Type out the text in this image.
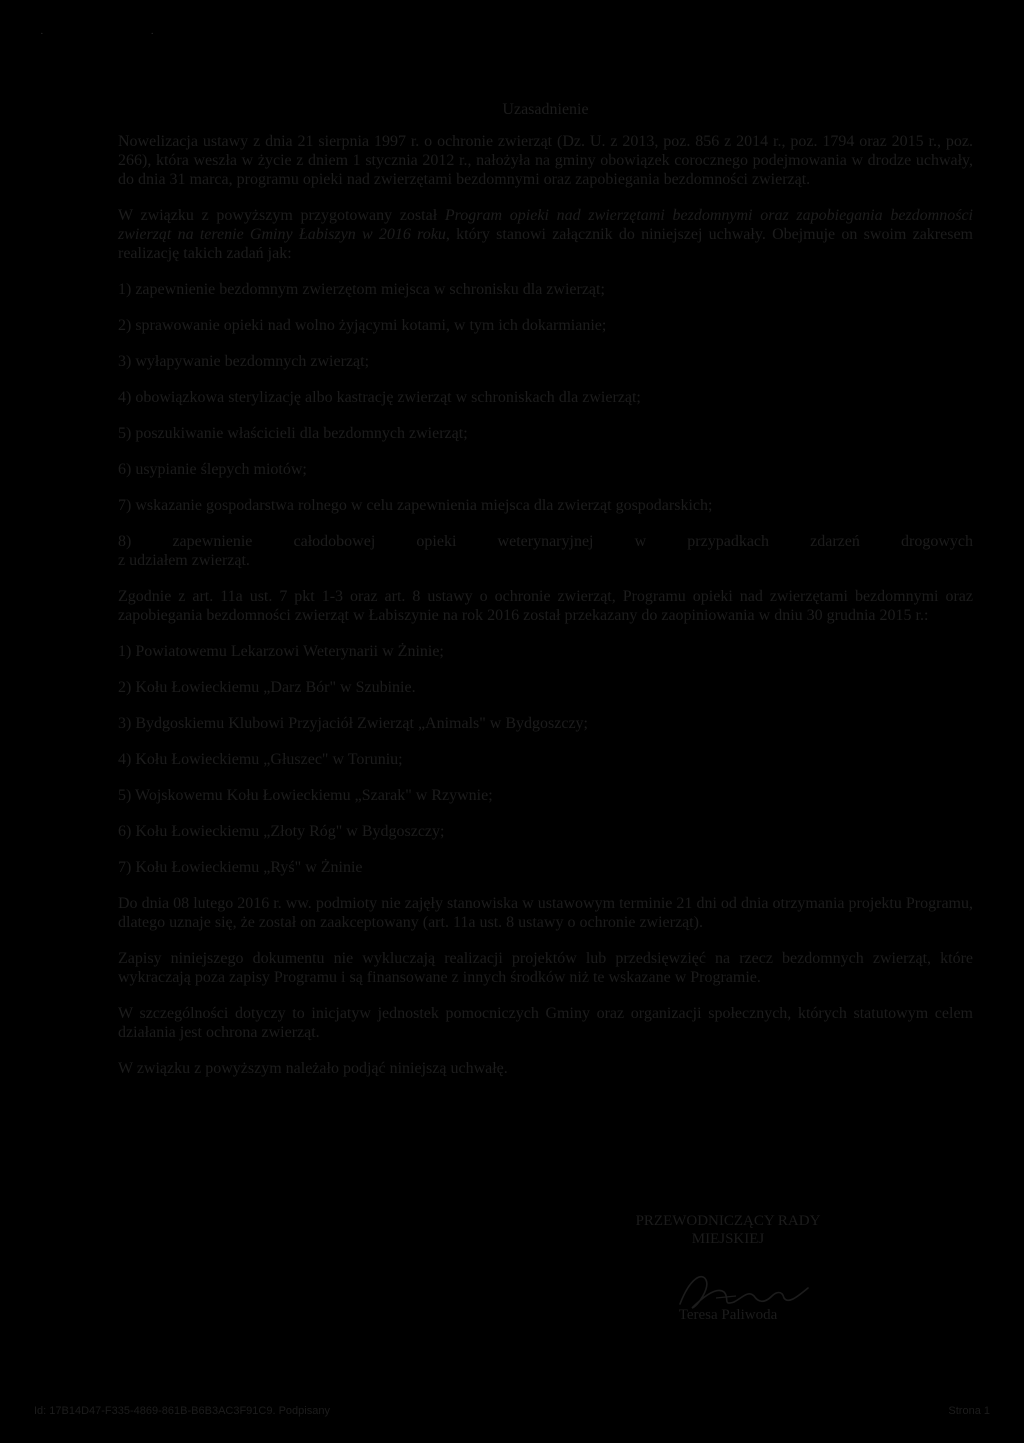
· ·
Uzasadnienie

Nowelizacja ustawy z dnia 21 sierpnia 1997 r. o ochronie zwierząt (Dz. U. z 2013, poz. 856 z 2014 r., poz. 1794 oraz 2015 r., poz. 266), która weszła w życie z dniem 1 stycznia 2012 r., nałożyła na gminy obowiązek corocznego podejmowania w drodze uchwały, do dnia 31 marca, programu opieki nad zwierzętami bezdomnymi oraz zapobiegania bezdomności zwierząt.

W związku z powyższym przygotowany został Program opieki nad zwierzętami bezdomnymi oraz zapobiegania bezdomności zwierząt na terenie Gminy Łabiszyn w 2016 roku, który stanowi załącznik do niniejszej uchwały. Obejmuje on swoim zakresem realizację takich zadań jak:

1) zapewnienie bezdomnym zwierzętom miejsca w schronisku dla zwierząt;
2) sprawowanie opieki nad wolno żyjącymi kotami, w tym ich dokarmianie;
3) wyłapywanie bezdomnych zwierząt;
4) obowiązkowa sterylizację albo kastrację zwierząt w schroniskach dla zwierząt;
5) poszukiwanie właścicieli dla bezdomnych zwierząt;
6) usypianie ślepych miotów;
7) wskazanie gospodarstwa rolnego w celu zapewnienia miejsca dla zwierząt gospodarskich;
8) zapewnienie całodobowej opieki weterynaryjnej w przypadkach zdarzeń drogowych
z udziałem zwierząt.

Zgodnie z art. 11a ust. 7 pkt 1-3 oraz art. 8 ustawy o ochronie zwierząt, Programu opieki nad zwierzętami bezdomnymi oraz zapobiegania bezdomności zwierząt w Łabiszynie na rok 2016 został przekazany do zaopiniowania w dniu 30 grudnia 2015 r.:

1) Powiatowemu Lekarzowi Weterynarii w Żninie;
2) Kołu Łowieckiemu „Darz Bór" w Szubinie.
3) Bydgoskiemu Klubowi Przyjaciół Zwierząt „Animals" w Bydgoszczy;
4) Kołu Łowieckiemu „Głuszec" w Toruniu;
5) Wojskowemu Kołu Łowieckiemu „Szarak" w Rzywnie;
6) Kołu Łowieckiemu „Złoty Róg" w Bydgoszczy;
7) Kołu Łowieckiemu „Ryś" w Żninie

Do dnia 08 lutego 2016 r. ww. podmioty nie zajęły stanowiska w ustawowym terminie 21 dni od dnia otrzymania projektu Programu, dlatego uznaje się, że został on zaakceptowany (art. 11a ust. 8 ustawy o ochronie zwierząt).

Zapisy niniejszego dokumentu nie wykluczają realizacji projektów lub przedsięwzięć na rzecz bezdomnych zwierząt, które wykraczają poza zapisy Programu i są finansowane z innych środków niż te wskazane w Programie.

W szczególności dotyczy to inicjatyw jednostek pomocniczych Gminy oraz organizacji społecznych, których statutowym celem działania jest ochrona zwierząt.

W związku z powyższym należało podjąć niniejszą uchwałę.

PRZEWODNICZĄCY RADY
MIEJSKIEJ
Teresa Paliwoda
Id: 17B14D47-F335-4869-861B-B6B3AC3F91C9. Podpisany	Strona 1
